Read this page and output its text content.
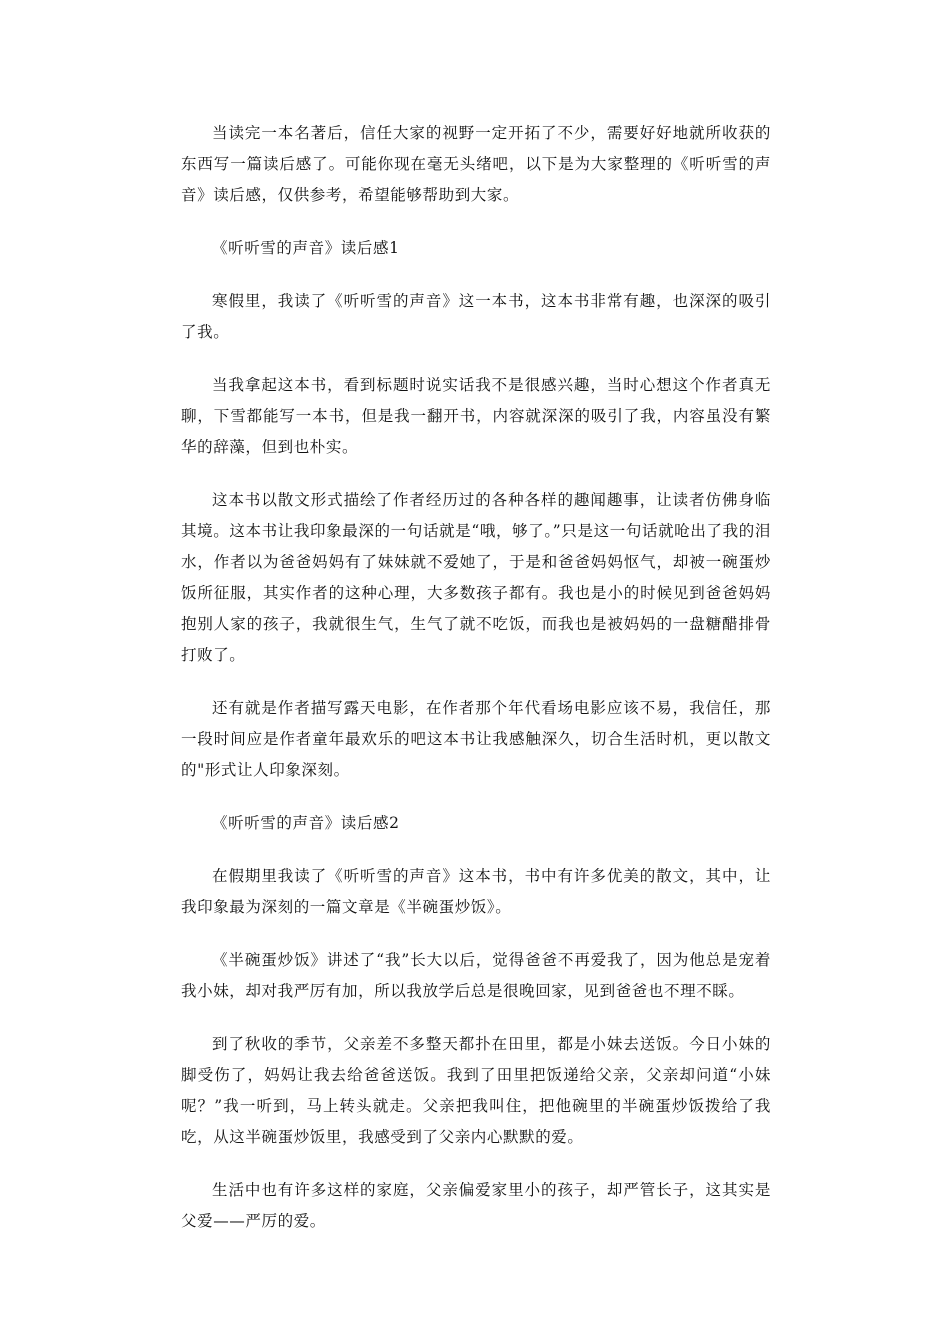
当读完一本名著后，信任大家的视野一定开拓了不少，需要好好地就所收获的东西写一篇读后感了。可能你现在毫无头绪吧，以下是为大家整理的《听听雪的声音》读后感，仅供参考，希望能够帮助到大家。

《听听雪的声音》读后感1

寒假里，我读了《听听雪的声音》这一本书，这本书非常有趣，也深深的吸引了我。

当我拿起这本书，看到标题时说实话我不是很感兴趣，当时心想这个作者真无聊，下雪都能写一本书，但是我一翻开书，内容就深深的吸引了我，内容虽没有繁华的辞藻，但到也朴实。

这本书以散文形式描绘了作者经历过的各种各样的趣闻趣事，让读者仿佛身临其境。这本书让我印象最深的一句话就是“哦，够了。”只是这一句话就呛出了我的泪水，作者以为爸爸妈妈有了妹妹就不爱她了，于是和爸爸妈妈怄气，却被一碗蛋炒饭所征服，其实作者的这种心理，大多数孩子都有。我也是小的时候见到爸爸妈妈抱别人家的孩子，我就很生气，生气了就不吃饭，而我也是被妈妈的一盘糖醋排骨打败了。

还有就是作者描写露天电影，在作者那个年代看场电影应该不易，我信任，那一段时间应是作者童年最欢乐的吧这本书让我感触深久，切合生活时机，更以散文的"形式让人印象深刻。

《听听雪的声音》读后感2

在假期里我读了《听听雪的声音》这本书，书中有许多优美的散文，其中，让我印象最为深刻的一篇文章是《半碗蛋炒饭》。

《半碗蛋炒饭》讲述了“我”长大以后，觉得爸爸不再爱我了，因为他总是宠着我小妹，却对我严厉有加，所以我放学后总是很晚回家，见到爸爸也不理不睬。

到了秋收的季节，父亲差不多整天都扑在田里，都是小妹去送饭。今日小妹的脚受伤了，妈妈让我去给爸爸送饭。我到了田里把饭递给父亲，父亲却问道“小妹呢？”我一听到，马上转头就走。父亲把我叫住，把他碗里的半碗蛋炒饭拨给了我吃，从这半碗蛋炒饭里，我感受到了父亲内心默默的爱。

生活中也有许多这样的家庭，父亲偏爱家里小的孩子，却严管长子，这其实是父爱——严厉的爱。
